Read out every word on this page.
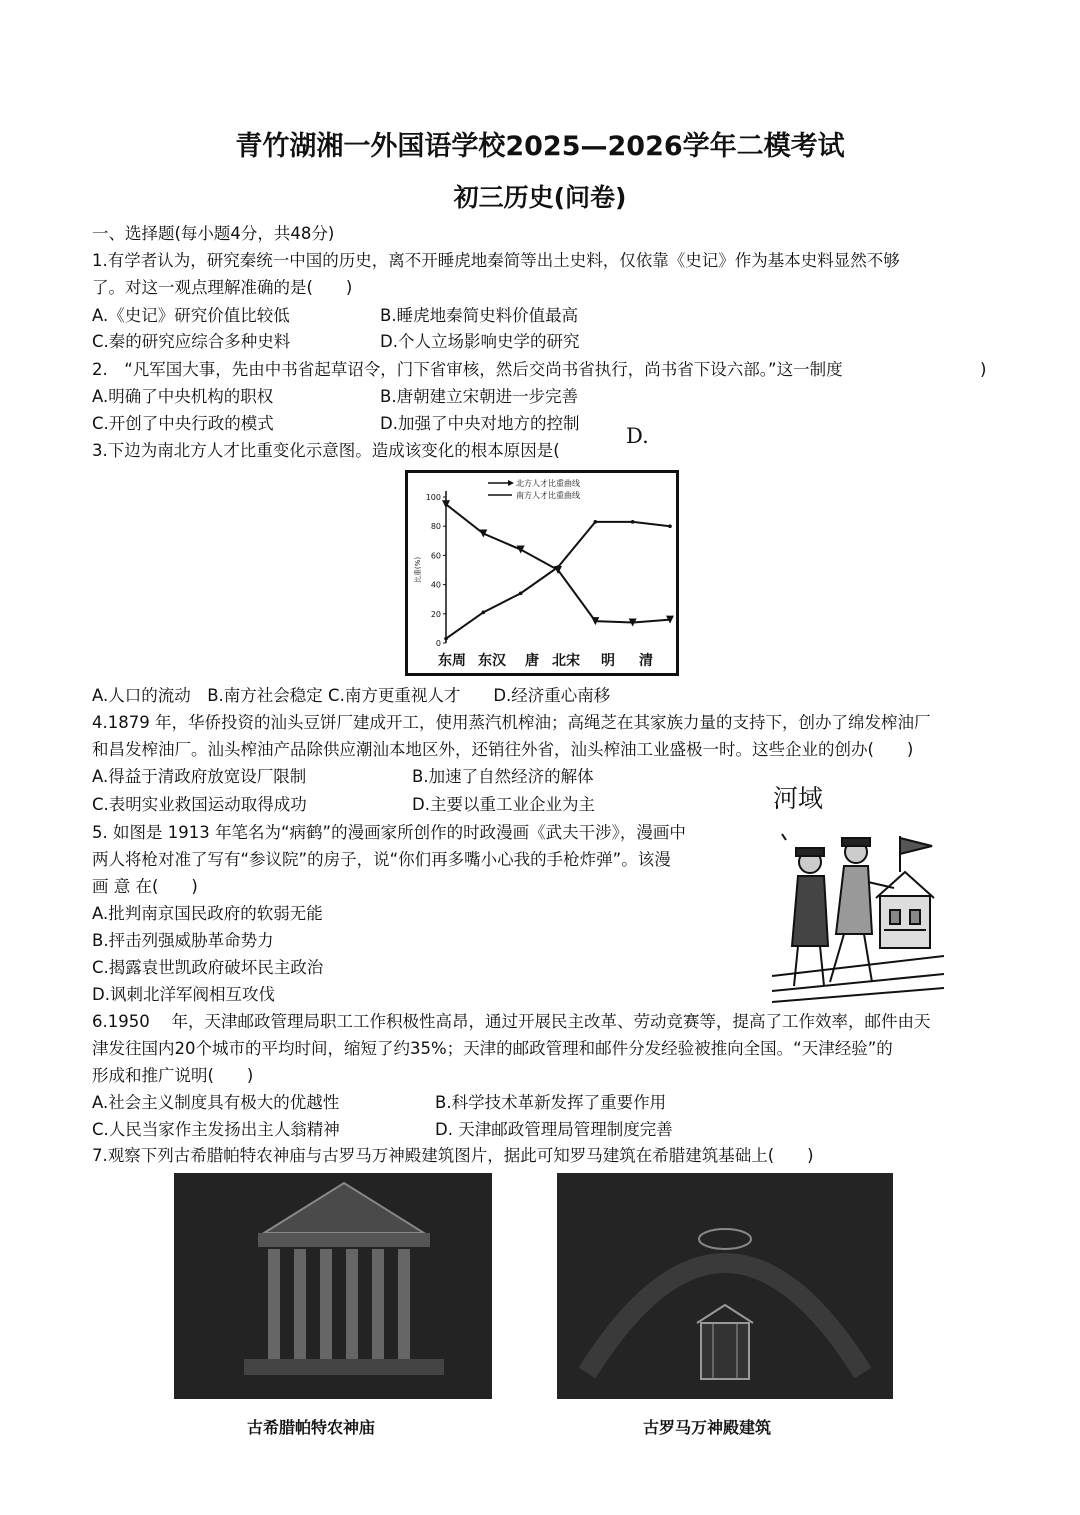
青竹湖湘一外国语学校2025—2026学年二模考试
初三历史(问卷)
一、选择题(每小题4分，共48分)
1.有学者认为，研究秦统一中国的历史，离不开睡虎地秦简等出土史料，仅依靠《史记》作为基本史料显然不够
了。对这一观点理解准确的是(　　)
A.《史记》研究价值比较低	B.睡虎地秦简史料价值最高
C.秦的研究应综合多种史料	D.个人立场影响史学的研究
2.　“凡军国大事，先由中书省起草诏令，门下省审核，然后交尚书省执行，尚书省下设六部。”这一制度	)
A.明确了中央机构的职权	B.唐朝建立宋朝进一步完善
C.开创了中央行政的模式	D.加强了中央对地方的控制
D.
3.下边为南北方人才比重变化示意图。造成该变化的根本原因是(
0
20
40
60
80
100
比重(%)
北方人才比重曲线
南方人才比重曲线
东周 东汉 唐 北宋 明 清
A.人口的流动　B.南方社会稳定 C.南方更重视人才　　D.经济重心南移
4.1879 年，华侨投资的汕头豆饼厂建成开工，使用蒸汽机榨油；高绳芝在其家族力量的支持下，创办了绵发榨油厂
和昌发榨油厂。汕头榨油产品除供应潮汕本地区外，还销往外省，汕头榨油工业盛极一时。这些企业的创办(　　)
A.得益于清政府放宽设厂限制	B.加速了自然经济的解体
C.表明实业救国运动取得成功	D.主要以重工业企业为主	河域
5. 如图是 1913 年笔名为“病鹤”的漫画家所创作的时政漫画《武夫干涉》，漫画中
两人将枪对准了写有“参议院”的房子，说“你们再多嘴小心我的手枪炸弹”。该漫
画 意 在(　　)
A.批判南京国民政府的软弱无能
B.抨击列强威胁革命势力
C.揭露袁世凯政府破坏民主政治
D.讽刺北洋军阀相互攻伐
6.1950　 年，天津邮政管理局职工工作积极性高昂，通过开展民主改革、劳动竞赛等，提高了工作效率，邮件由天
津发往国内20个城市的平均时间，缩短了约35%；天津的邮政管理和邮件分发经验被推向全国。“天津经验”的
形成和推广说明(　　)
A.社会主义制度具有极大的优越性	B.科学技术革新发挥了重要作用
C.人民当家作主发扬出主人翁精神	D. 天津邮政管理局管理制度完善
7.观察下列古希腊帕特农神庙与古罗马万神殿建筑图片，据此可知罗马建筑在希腊建筑基础上(　　)
古希腊帕特农神庙	古罗马万神殿建筑
